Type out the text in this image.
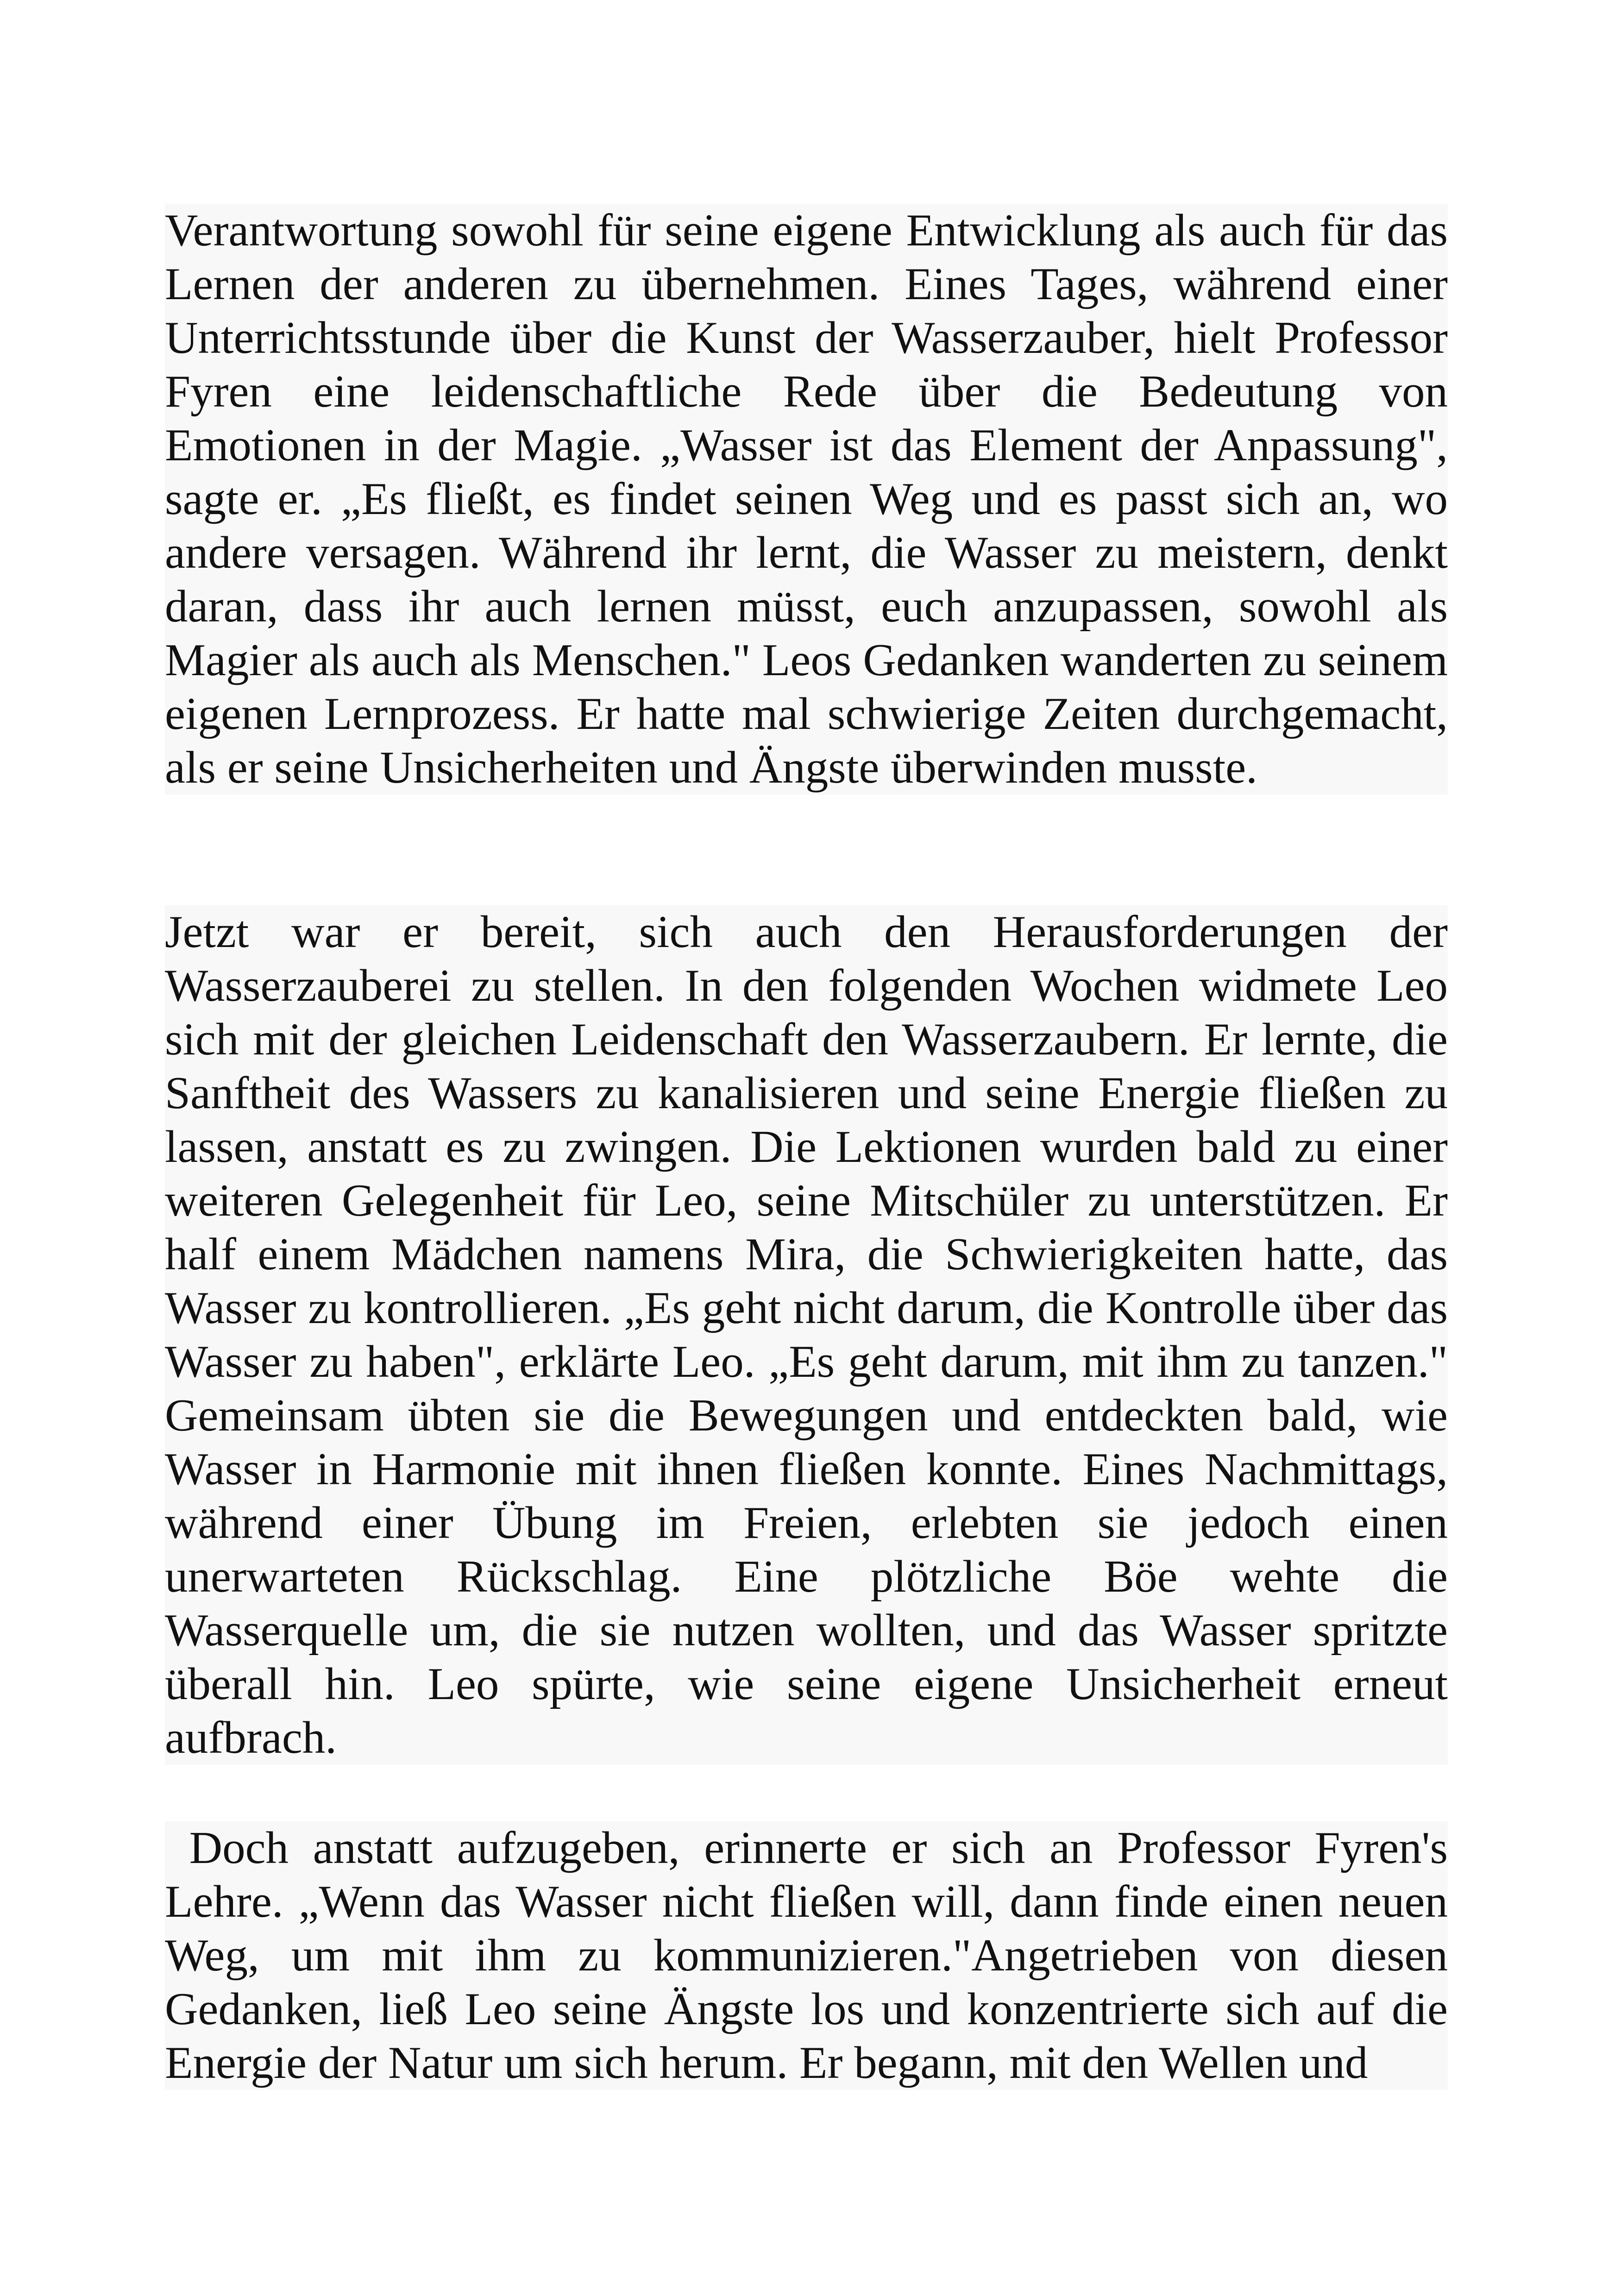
Verantwortung sowohl für seine eigene Entwicklung als auch für das Lernen der anderen zu übernehmen. Eines Tages, während einer Unterrichtsstunde über die Kunst der Wasserzauber, hielt Professor Fyren eine leidenschaftliche Rede über die Bedeutung von Emotionen in der Magie. „Wasser ist das Element der Anpassung", sagte er. „Es fließt, es findet seinen Weg und es passt sich an, wo andere versagen. Während ihr lernt, die Wasser zu meistern, denkt daran, dass ihr auch lernen müsst, euch anzupassen, sowohl als Magier als auch als Menschen." Leos Gedanken wanderten zu seinem eigenen Lernprozess. Er hatte mal schwierige Zeiten durchgemacht, als er seine Unsicherheiten und Ängste überwinden musste.

Jetzt war er bereit, sich auch den Herausforderungen der Wasserzauberei zu stellen. In den folgenden Wochen widmete Leo sich mit der gleichen Leidenschaft den Wasserzaubern. Er lernte, die Sanftheit des Wassers zu kanalisieren und seine Energie fließen zu lassen, anstatt es zu zwingen. Die Lektionen wurden bald zu einer weiteren Gelegenheit für Leo, seine Mitschüler zu unterstützen. Er half einem Mädchen namens Mira, die Schwierigkeiten hatte, das Wasser zu kontrollieren. „Es geht nicht darum, die Kontrolle über das Wasser zu haben", erklärte Leo. „Es geht darum, mit ihm zu tanzen." Gemeinsam übten sie die Bewegungen und entdeckten bald, wie Wasser in Harmonie mit ihnen fließen konnte. Eines Nachmittags, während einer Übung im Freien, erlebten sie jedoch einen unerwarteten Rückschlag. Eine plötzliche Böe wehte die Wasserquelle um, die sie nutzen wollten, und das Wasser spritzte überall hin. Leo spürte, wie seine eigene Unsicherheit erneut aufbrach.

Doch anstatt aufzugeben, erinnerte er sich an Professor Fyren's Lehre. „Wenn das Wasser nicht fließen will, dann finde einen neuen Weg, um mit ihm zu kommunizieren."Angetrieben von diesen Gedanken, ließ Leo seine Ängste los und konzentrierte sich auf die Energie der Natur um sich herum. Er begann, mit den Wellen und
